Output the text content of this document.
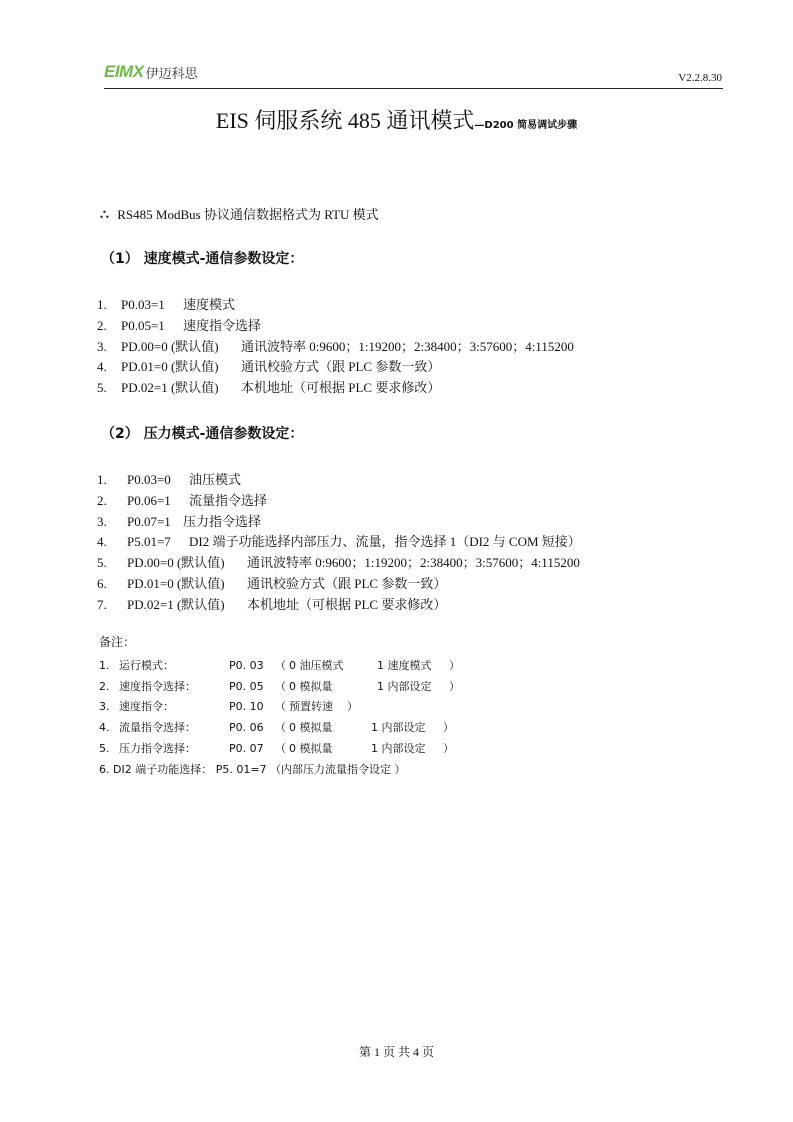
EIMX 伊迈科思	V2.2.8.30
EIS 伺服系统 485 通讯模式—D200 简易调试步骤
∴ RS485 ModBus 协议通信数据格式为 RTU 模式
（1） 速度模式-通信参数设定：
1. P0.03=1 速度模式
2. P0.05=1 速度指令选择
3. PD.00=0 (默认值) 通讯波特率 0:9600；1:19200；2:38400；3:57600；4:115200
4. PD.01=0 (默认值) 通讯校验方式（跟 PLC 参数一致）
5. PD.02=1 (默认值) 本机地址（可根据 PLC 要求修改）
（2） 压力模式-通信参数设定：
1. P0.03=0 油压模式
2. P0.06=1 流量指令选择
3. P0.07=1 压力指令选择
4. P5.01=7 DI2 端子功能选择内部压力、流量，指令选择 1（DI2 与 COM 短接）
5. PD.00=0 (默认值) 通讯波特率 0:9600；1:19200；2:38400；3:57600；4:115200
6. PD.01=0 (默认值) 通讯校验方式（跟 PLC 参数一致）
7. PD.02=1 (默认值) 本机地址（可根据 PLC 要求修改）
备注：
1. 运行模式：	P0. 03 （ 0 油压模式	1 速度模式 ）
2. 速度指令选择：	P0. 05 （ 0 模拟量	1 内部设定 ）
3. 速度指令：	P0. 10 （ 预置转速 ）
4. 流量指令选择：	P0. 06 （ 0 模拟量	1 内部设定 ）
5. 压力指令选择：	P0. 07 （ 0 模拟量	1 内部设定 ）
6. DI2 端子功能选择： P5. 01=7 （内部压力流量指令设定 ）
第 1 页 共 4 页
